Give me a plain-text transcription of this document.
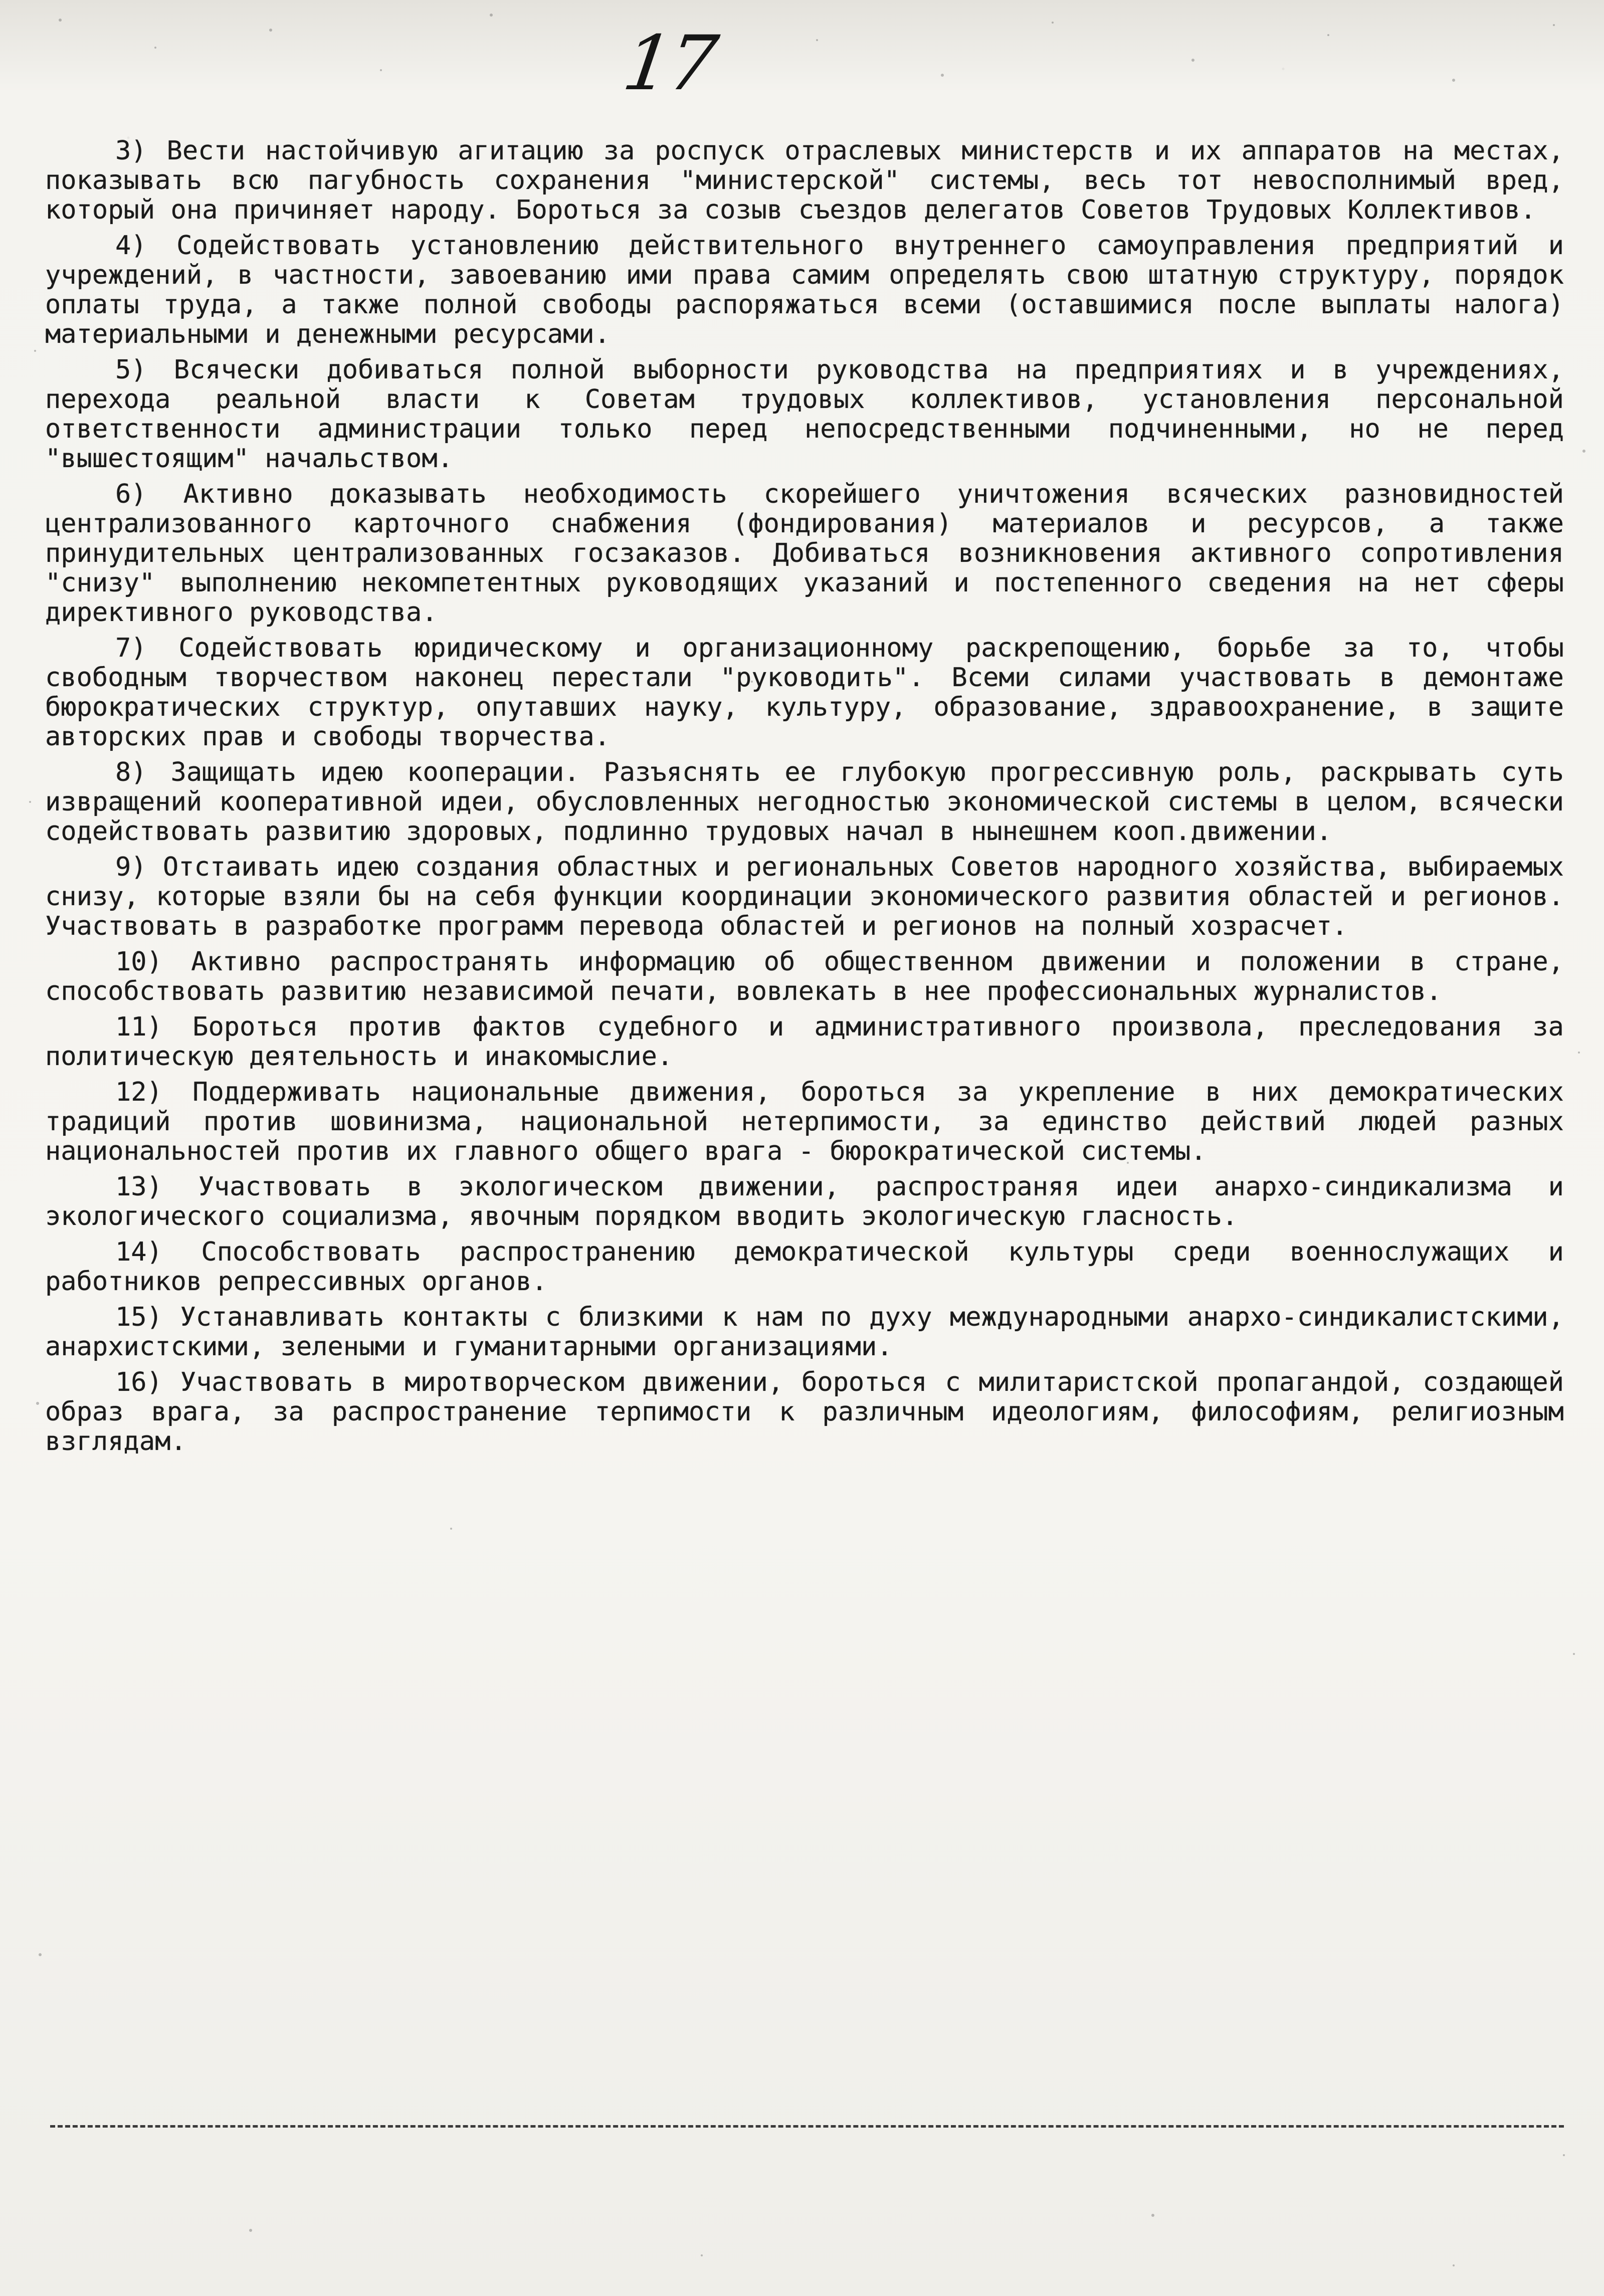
17

3) Вести настойчивую агитацию за роспуск отраслевых министерств и их аппаратов на местах, показывать всю пагубность сохранения "министерской" системы, весь тот невосполнимый вред, который она причиняет народу. Бороться за созыв съездов делегатов Советов Трудовых Коллективов.

4) Содействовать установлению действительного внутреннего самоуправления предприятий и учреждений, в частности, завоеванию ими права самим определять свою штатную структуру, порядок оплаты труда, а также полной свободы распоряжаться всеми (оставшимися после выплаты налога) материальными и денежными ресурсами.

5) Всячески добиваться полной выборности руководства на предприятиях и в учреждениях, перехода реальной власти к Советам трудовых коллективов, установления персональной ответственности администрации только перед непосредственными подчиненными, но не перед "вышестоящим" начальством.

6) Активно доказывать необходимость скорейшего уничтожения всяческих разновидностей централизованного карточного снабжения (фондирования) материалов и ресурсов, а также принудительных централизованных госзаказов. Добиваться возникновения активного сопротивления "снизу" выполнению некомпетентных руководящих указаний и постепенного сведения на нет сферы директивного руководства.

7) Содействовать юридическому и организационному раскрепощению, борьбе за то, чтобы свободным творчеством наконец перестали "руководить". Всеми силами участвовать в демонтаже бюрократических структур, опутавших науку, культуру, образование, здравоохранение, в защите авторских прав и свободы творчества.

8) Защищать идею кооперации. Разъяснять ее глубокую прогрессивную роль, раскрывать суть извращений кооперативной идеи, обусловленных негодностью экономической системы в целом, всячески содействовать развитию здоровых, подлинно трудовых начал в нынешнем кооп.движении.

9) Отстаивать идею создания областных и региональных Советов народного хозяйства, выбираемых снизу, которые взяли бы на себя функции координации экономического развития областей и регионов. Участвовать в разработке программ перевода областей и регионов на полный хозрасчет.

10) Активно распространять информацию об общественном движении и положении в стране, способствовать развитию независимой печати, вовлекать в нее профессиональных журналистов.

11) Бороться против фактов судебного и административного произвола, преследования за политическую деятельность и инакомыслие.

12) Поддерживать национальные движения, бороться за укрепление в них демократических традиций против шовинизма, национальной нетерпимости, за единство действий людей разных национальностей против их главного общего врага - бюрократической системы.

13) Участвовать в экологическом движении, распространяя идеи анархо-синдикализма и экологического социализма, явочным порядком вводить экологическую гласность.

14) Способствовать распространению демократической культуры среди военнослужащих и работников репрессивных органов.

15) Устанавливать контакты с близкими к нам по духу международными анархо-синдикалистскими, анархистскими, зелеными и гуманитарными организациями.

16) Участвовать в миротворческом движении, бороться с милитаристской пропагандой, создающей образ врага, за распространение терпимости к различным идеологиям, философиям, религиозным взглядам.
